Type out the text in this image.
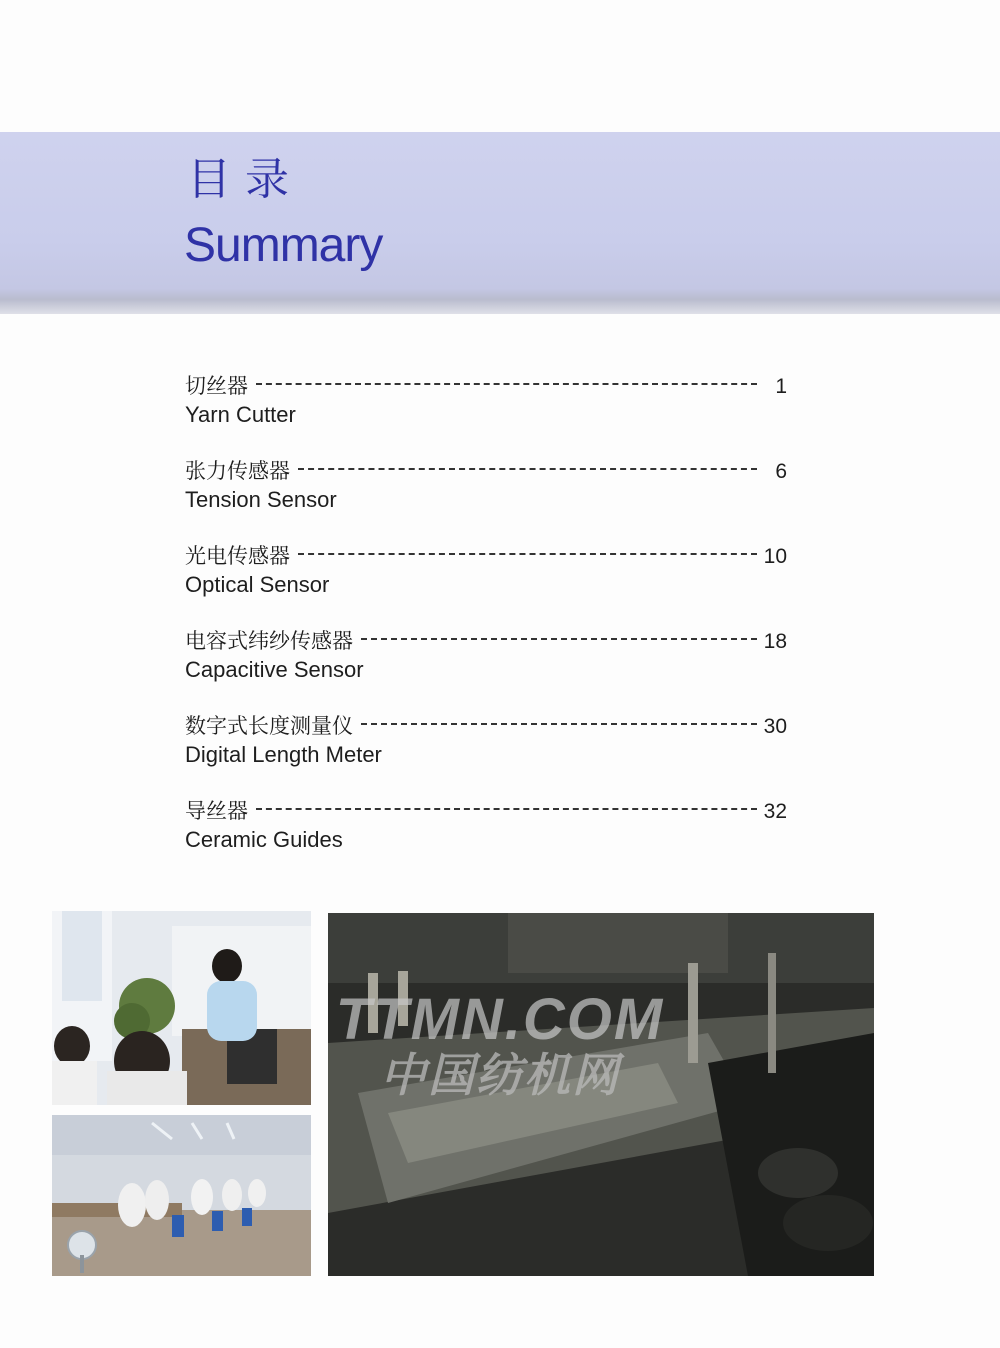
目录
Summary
切丝器	1
Yarn Cutter
张力传感器	6
Tension Sensor
光电传感器	10
Optical Sensor
电容式纬纱传感器	18
Capacitive Sensor
数字式长度测量仪	30
Digital Length Meter
导丝器	32
Ceramic Guides
TTMN.COM
中国纺机网
